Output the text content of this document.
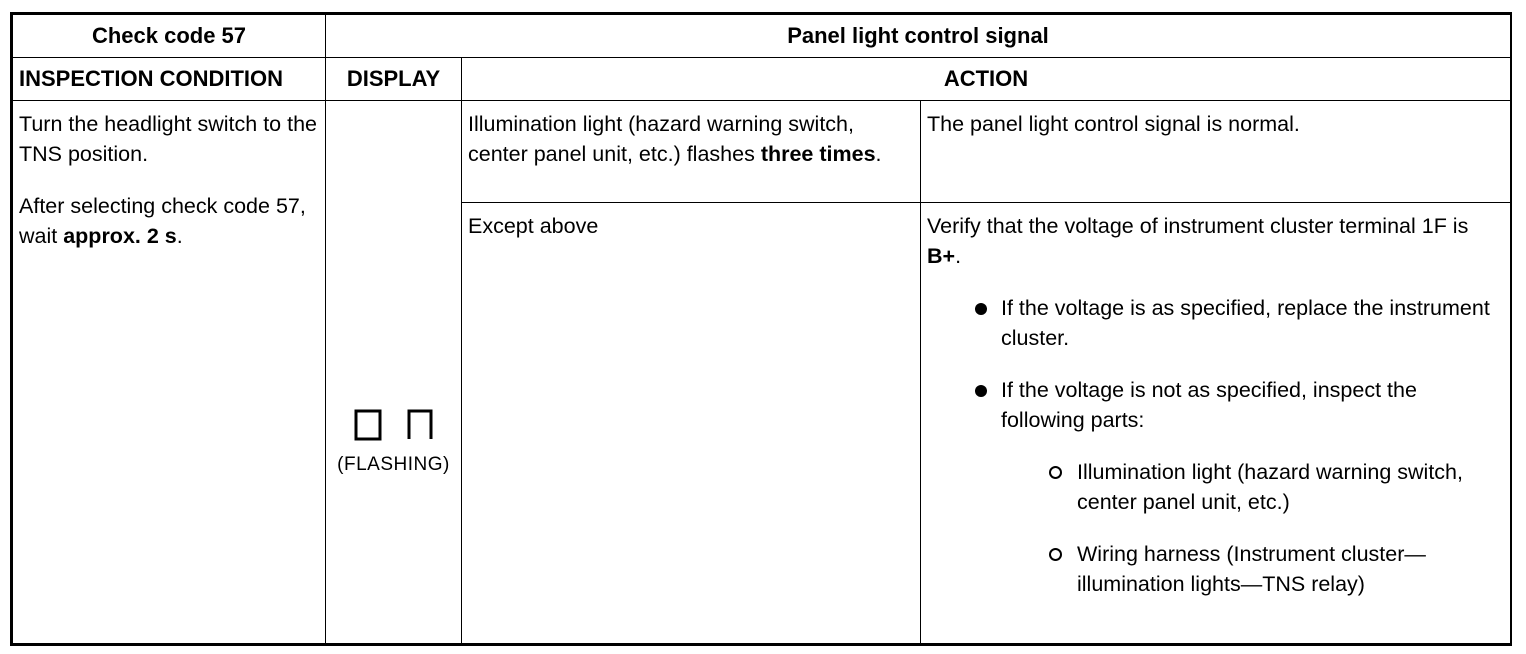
Check code 57	Panel light control signal		
INSPECTION CONDITION	DISPLAY	ACTION	

Turn the headlight switch to the TNS position.

After selecting check code 57, wait approx. 2 s.	(FLASHING)	Illumination light (hazard warning switch, center panel unit, etc.) flashes three times.	The panel light control signal is normal.
		Except above	Verify that the voltage of instrument cluster terminal 1F is B+.

If the voltage is as specified, replace the instrument cluster.
If the voltage is not as specified, inspect the following parts:
Illumination light (hazard warning switch, center panel unit, etc.)
Wiring harness (Instrument cluster—illumination lights—TNS relay)
